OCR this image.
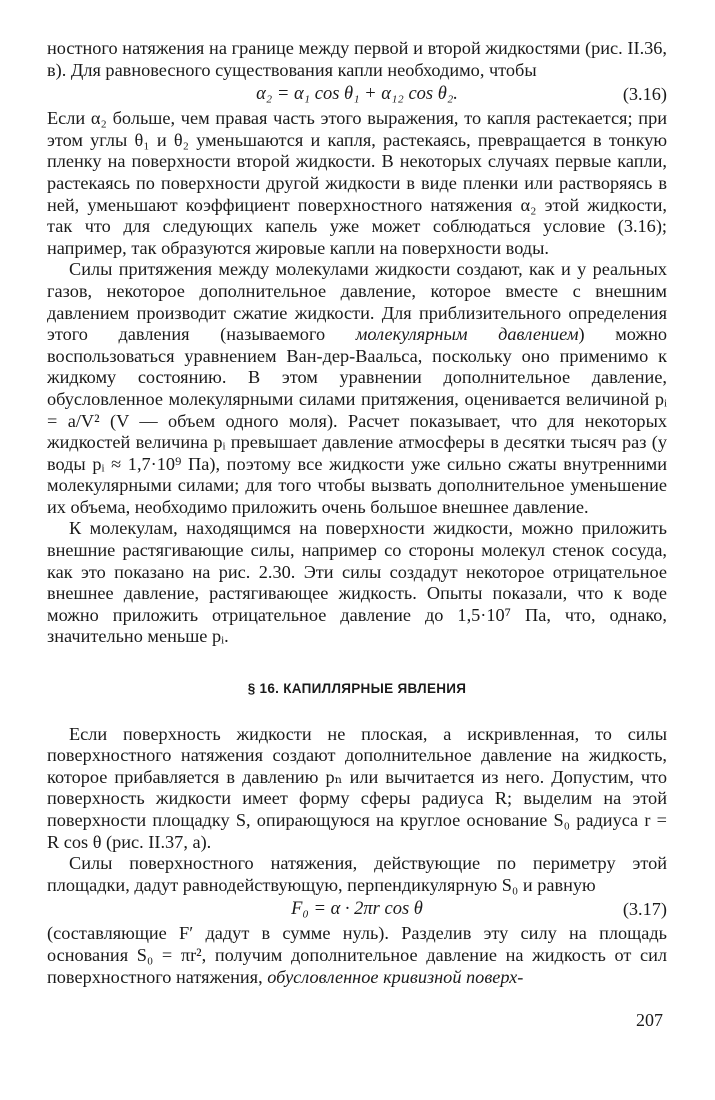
ностного натяжения на границе между первой и второй жидкостями (рис. II.36, в). Для равновесного существования капли необходимо, чтобы

α₂ = α₁ cos θ₁ + α₁₂ cos θ₂.	(3.16)

Если α₂ больше, чем правая часть этого выражения, то капля растекается; при этом углы θ₁ и θ₂ уменьшаются и капля, растекаясь, превращается в тонкую пленку на поверхности второй жидкости. В некоторых случаях первые капли, растекаясь по поверхности другой жидкости в виде пленки или растворяясь в ней, уменьшают коэффициент поверхностного натяжения α₂ этой жидкости, так что для следующих капель уже может соблюдаться условие (3.16); например, так образуются жировые капли на поверхности воды.

Силы притяжения между молекулами жидкости создают, как и у реальных газов, некоторое дополнительное давление, которое вместе с внешним давлением производит сжатие жидкости. Для приблизительного определения этого давления (называемого молекулярным давлением) можно воспользоваться уравнением Ван-дер-Ваальса, поскольку оно применимо к жидкому состоянию. В этом уравнении дополнительное давление, обусловленное молекулярными силами притяжения, оценивается величиной pᵢ = a/V² (V — объем одного моля). Расчет показывает, что для некоторых жидкостей величина pᵢ превышает давление атмосферы в десятки тысяч раз (у воды pᵢ ≈ 1,7·10⁹ Па), поэтому все жидкости уже сильно сжаты внутренними молекулярными силами; для того чтобы вызвать дополнительное уменьшение их объема, необходимо приложить очень большое внешнее давление.

К молекулам, находящимся на поверхности жидкости, можно приложить внешние растягивающие силы, например со стороны молекул стенок сосуда, как это показано на рис. 2.30. Эти силы создадут некоторое отрицательное внешнее давление, растягивающее жидкость. Опыты показали, что к воде можно приложить отрицательное давление до 1,5·10⁷ Па, что, однако, значительно меньше pᵢ.

§ 16. КАПИЛЛЯРНЫЕ ЯВЛЕНИЯ

Если поверхность жидкости не плоская, а искривленная, то силы поверхностного натяжения создают дополнительное давление на жидкость, которое прибавляется в давлению pₙ или вычитается из него. Допустим, что поверхность жидкости имеет форму сферы радиуса R; выделим на этой поверхности площадку S, опирающуюся на круглое основание S₀ радиуса r = R cos θ (рис. II.37, а).

Силы поверхностного натяжения, действующие по периметру этой площадки, дадут равнодействующую, перпендикулярную S₀ и равную

F₀ = α · 2πr cos θ	(3.17)

(составляющие F′ дадут в сумме нуль). Разделив эту силу на площадь основания S₀ = πr², получим дополнительное давление на жидкость от сил поверхностного натяжения, обусловленное кривизной поверх-

207
